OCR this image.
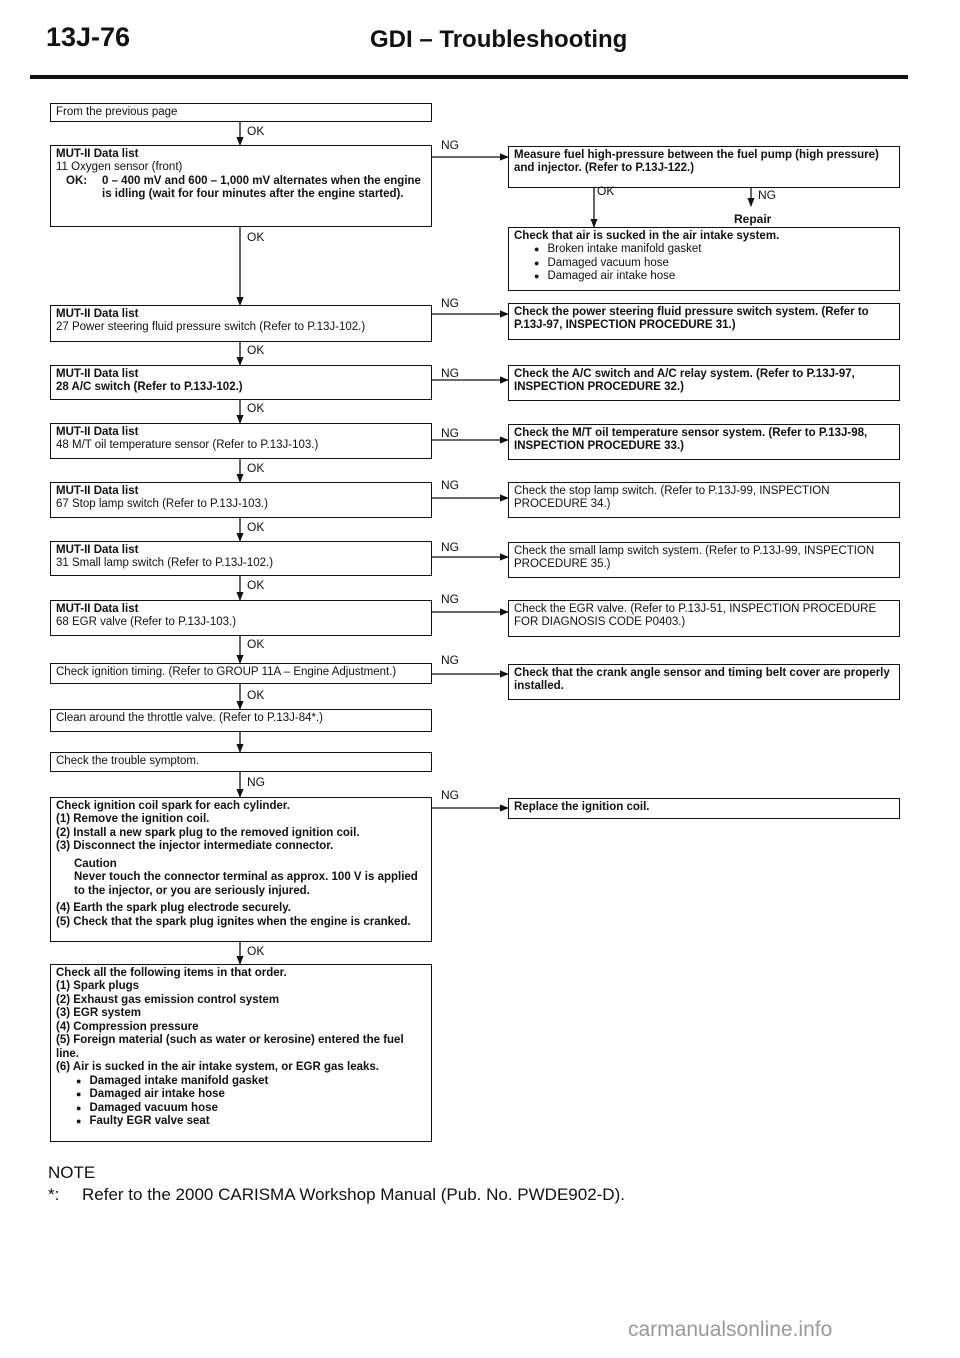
13J-76	GDI – Troubleshooting
From the previous page
OK
MUT-II Data list
11 Oxygen sensor (front)
OK:	0 – 400 mV and 600 – 1,000 mV alternates when the engine is idling (wait for four minutes after the engine started).
OK
NG
Measure fuel high-pressure between the fuel pump (high pressure) and injector. (Refer to P.13J-122.)
OK	NG
Repair
Check that air is sucked in the air intake system.
● Broken intake manifold gasket
● Damaged vacuum hose
● Damaged air intake hose
MUT-II Data list
27 Power steering fluid pressure switch (Refer to P.13J-102.)
NG
Check the power steering fluid pressure switch system. (Refer to P.13J-97, INSPECTION PROCEDURE 31.)
OK
MUT-II Data list
28 A/C switch (Refer to P.13J-102.)
NG	Check the A/C switch and A/C relay system. (Refer to P.13J-97, INSPECTION PROCEDURE 32.)
OK
MUT-II Data list
48 M/T oil temperature sensor (Refer to P.13J-103.)
NG	Check the M/T oil temperature sensor system. (Refer to P.13J-98, INSPECTION PROCEDURE 33.)
OK
MUT-II Data list
67 Stop lamp switch (Refer to P.13J-103.)
NG	Check the stop lamp switch. (Refer to P.13J-99, INSPECTION PROCEDURE 34.)
OK
MUT-II Data list
31 Small lamp switch (Refer to P.13J-102.)
NG	Check the small lamp switch system. (Refer to P.13J-99, INSPECTION PROCEDURE 35.)
OK
MUT-II Data list
68 EGR valve (Refer to P.13J-103.)
NG
Check the EGR valve. (Refer to P.13J-51, INSPECTION PROCEDURE FOR DIAGNOSIS CODE P0403.)
OK
Check ignition timing. (Refer to GROUP 11A – Engine Adjustment.)
NG
Check that the crank angle sensor and timing belt cover are properly installed.
OK
Clean around the throttle valve. (Refer to P.13J-84*.)
Check the trouble symptom.
NG
Check ignition coil spark for each cylinder.
(1) Remove the ignition coil.
(2) Install a new spark plug to the removed ignition coil.
(3) Disconnect the injector intermediate connector.
Caution
Never touch the connector terminal as approx. 100 V is applied to the injector, or you are seriously injured.
(4) Earth the spark plug electrode securely.
(5) Check that the spark plug ignites when the engine is cranked.
NG
Replace the ignition coil.
OK
Check all the following items in that order.
(1) Spark plugs
(2) Exhaust gas emission control system
(3) EGR system
(4) Compression pressure
(5) Foreign material (such as water or kerosine) entered the fuel line.
(6) Air is sucked in the air intake system, or EGR gas leaks.
● Damaged intake manifold gasket
● Damaged air intake hose
● Damaged vacuum hose
● Faulty EGR valve seat
NOTE
*: Refer to the 2000 CARISMA Workshop Manual (Pub. No. PWDE902-D).
carmanualsonline.info
